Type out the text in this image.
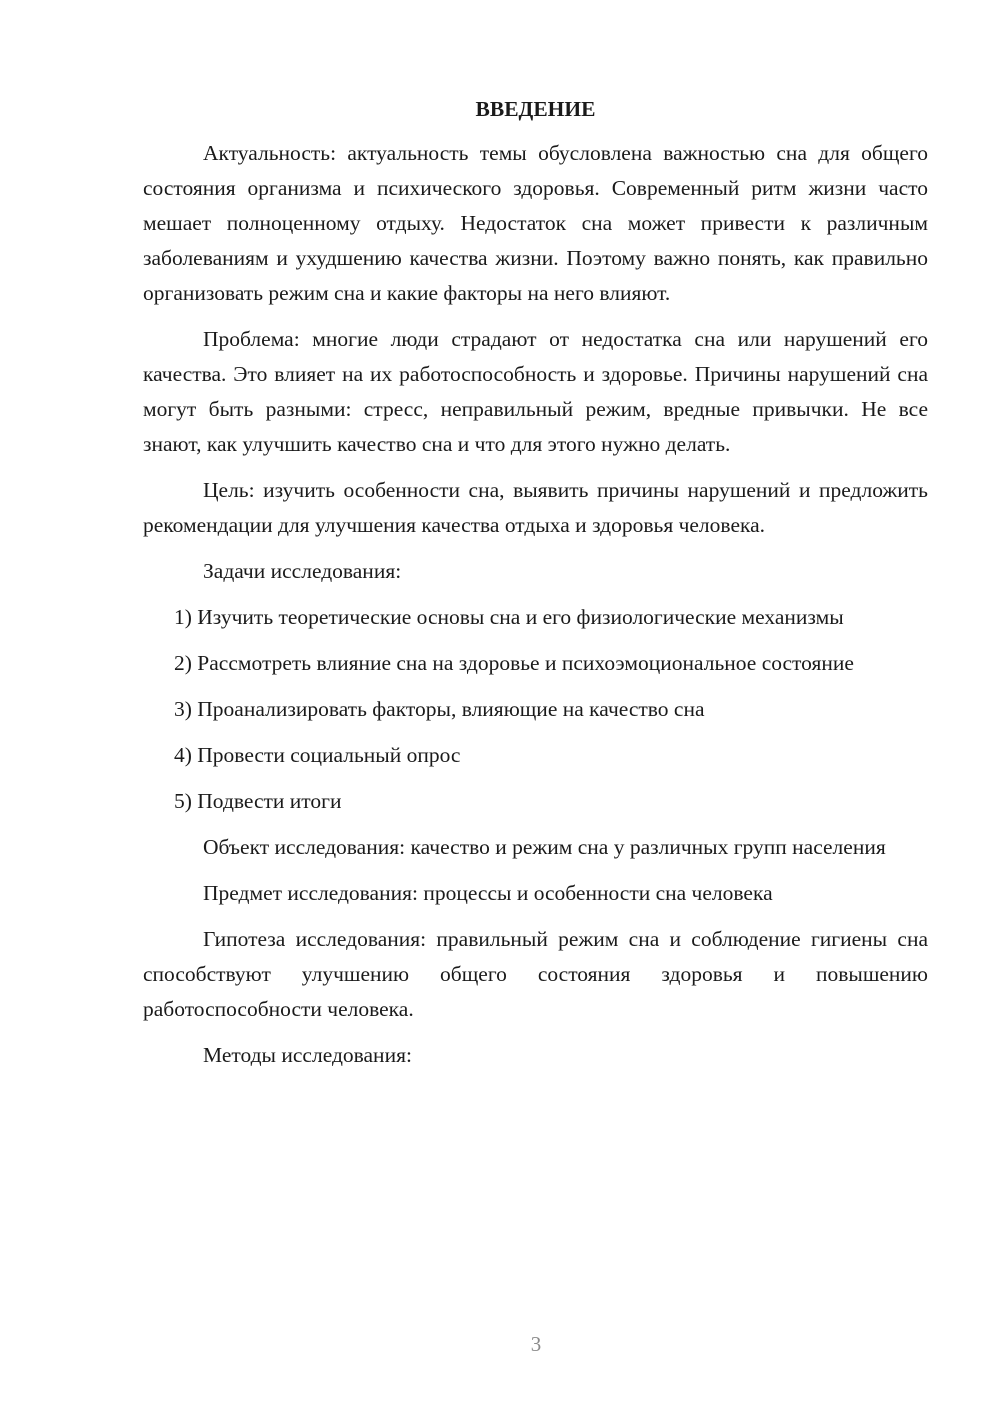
ВВЕДЕНИЕ

Актуальность: актуальность темы обусловлена важностью сна для общего состояния организма и психического здоровья. Современный ритм жизни часто мешает полноценному отдыху. Недостаток сна может привести к различным заболеваниям и ухудшению качества жизни. Поэтому важно понять, как правильно организовать режим сна и какие факторы на него влияют.

Проблема: многие люди страдают от недостатка сна или нарушений его качества. Это влияет на их работоспособность и здоровье. Причины нарушений сна могут быть разными: стресс, неправильный режим, вредные привычки. Не все знают, как улучшить качество сна и что для этого нужно делать.

Цель: изучить особенности сна, выявить причины нарушений и предложить рекомендации для улучшения качества отдыха и здоровья человека.

Задачи исследования:

1) Изучить теоретические основы сна и его физиологические механизмы

2) Рассмотреть влияние сна на здоровье и психоэмоциональное состояние

3) Проанализировать факторы, влияющие на качество сна

4) Провести социальный опрос

5) Подвести итоги

Объект исследования: качество и режим сна у различных групп населения

Предмет исследования: процессы и особенности сна человека

Гипотеза исследования: правильный режим сна и соблюдение гигиены сна способствуют улучшению общего состояния здоровья и повышению работоспособности человека.

Методы исследования:

3
